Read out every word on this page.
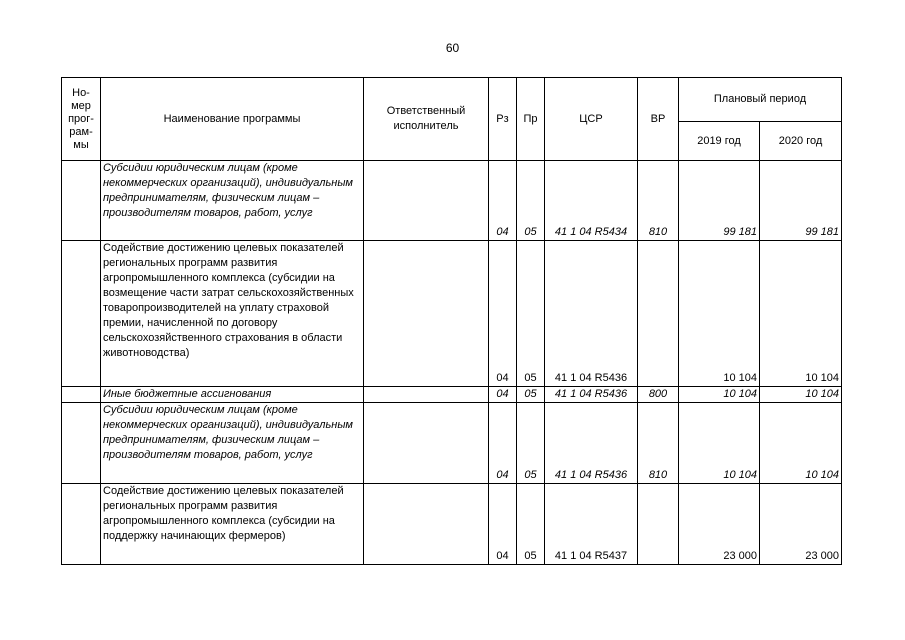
60
Но-
мер
прог-
рам-
мы	Наименование программы	Ответственный исполнитель	Рз	Пр	ЦСР	ВР	Плановый период	
							2019 год	2020 год
	Субсидии юридическим лицам (кроме некоммерческих организаций), индивидуальным предпринимателям, физическим лицам – производителям товаров, работ, услуг		04	05	41 1 04 R5434	810	99 181	99 181
	Содействие достижению целевых показателей региональных программ развития агропромышленного комплекса (субсидии на возмещение части затрат сельскохозяйственных товаропроизводителей на уплату страховой премии, начисленной по договору сельскохозяйственного страхования в области животноводства)		04	05	41 1 04 R5436		10 104	10 104
	Иные бюджетные ассигнования		04	05	41 1 04 R5436	800	10 104	10 104
	Субсидии юридическим лицам (кроме некоммерческих организаций), индивидуальным предпринимателям, физическим лицам – производителям товаров, работ, услуг		04	05	41 1 04 R5436	810	10 104	10 104
	Содействие достижению целевых показателей региональных программ развития агропромышленного комплекса (субсидии на поддержку начинающих фермеров)		04	05	41 1 04 R5437		23 000	23 000
